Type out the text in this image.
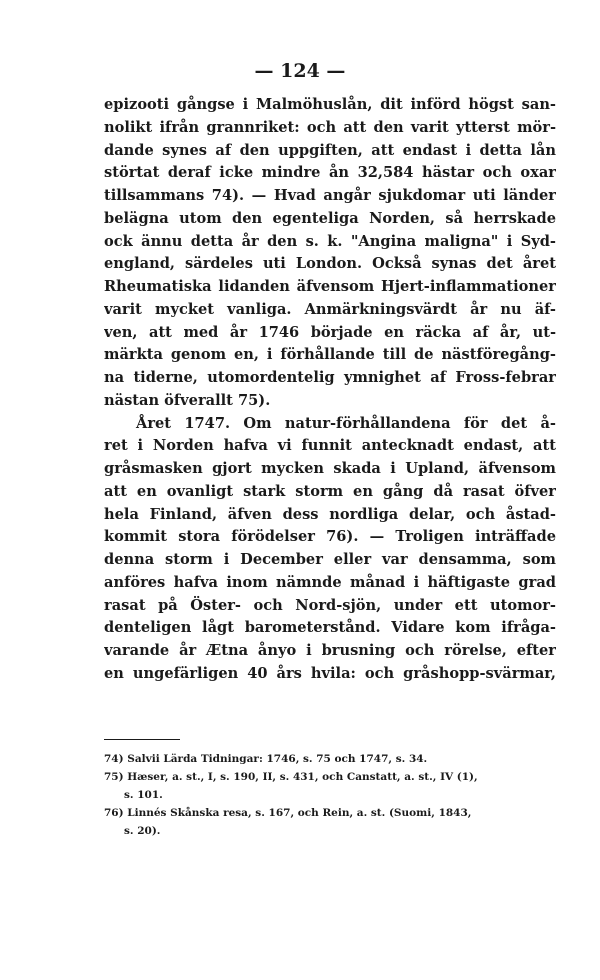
— 124 —
epizooti gångse i Malmöhuslån, dit införd högst san-
nolikt ifrån grannriket: och att den varit ytterst mör-
dande synes af den uppgiften, att endast i detta lån
störtat deraf icke mindre ån 32,584 hästar och oxar
tillsammans 74). — Hvad angår sjukdomar uti länder
belägna utom den egenteliga Norden, så herrskade
ock ännu detta år den s. k. "Angina maligna" i Syd-
england, särdeles uti London. Också synas det året
Rheumatiska lidanden äfvensom Hjert-inflammationer
varit mycket vanliga. Anmärkningsvärdt år nu äf-
ven, att med år 1746 började en räcka af år, ut-
märkta genom en, i förhållande till de nästföregång-
na tiderne, utomordentelig ymnighet af Fross-febrar
nästan öfverallt 75).
Året 1747. Om natur-förhållandena för det å-
ret i Norden hafva vi funnit antecknadt endast, att
gråsmasken gjort mycken skada i Upland, äfvensom
att en ovanligt stark storm en gång då rasat öfver
hela Finland, äfven dess nordliga delar, och åstad-
kommit stora förödelser 76). — Troligen inträffade
denna storm i December eller var densamma, som
anföres hafva inom nämnde månad i häftigaste grad
rasat på Öster- och Nord-sjön, under ett utomor-
denteligen lågt barometerstånd. Vidare kom ifråga-
varande år Ætna ånyo i brusning och rörelse, efter
en ungefärligen 40 års hvila: och gråshopp-svärmar,
74) Salvii Lärda Tidningar: 1746, s. 75 och 1747, s. 34.
75) Hæser, a. st., I, s. 190, II, s. 431, och Canstatt, a. st., IV (1),
s. 101.
76) Linnés Skånska resa, s. 167, och Rein, a. st. (Suomi, 1843,
s. 20).
